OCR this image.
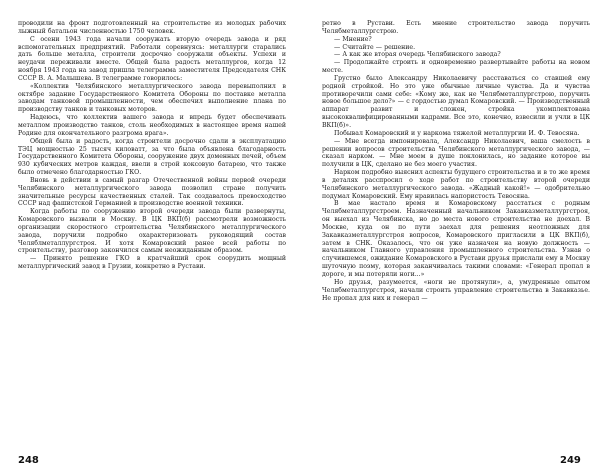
проводили на фронт подготовленный на строительстве из молодых рабочих лыжный батальон численностью 1750 человек.

С осени 1943 года начали сооружать вторую очередь завода и ряд вспомогательных предприятий. Работали соревнуясь: металлурги старались дать больше металла, строители досрочно сооружали объекты. Успехи и неудачи переживали вместе. Общей была радость металлургов, когда 12 ноября 1943 года на завод пришла телеграмма заместителя Председателя СНК СССР В. А. Малышева. В телеграмме говорилось:

«Коллектив Челябинского металлургического завода перевыполнил в октябре задание Государственного Комитета Обороны по поставке металла заводам танковой промышленности, чем обеспечил выполнение плана по производству танков и танковых моторов.

Надеюсь, что коллектив вашего завода и впредь будет обеспечивать металлом производство танков, столь необходимых в настоящее время нашей Родине для окончательного разгрома врага».

Общей была и радость, когда строители досрочно сдали в эксплуатацию ТЭЦ мощностью 25 тысяч киловатт, за что была объявлена благодарность Государственного Комитета Обороны, сооружение двух доменных печей, объем 930 кубических метров каждая, ввели в строй коксовую батарею, что также было отмечено благодарностью ГКО.

Вновь в действии в самый разгар Отечественной войны первой очереди Челябинского металлургического завода позволил стране получить значительные ресурсы качественных сталей. Так создавалось превосходство СССР над фашистской Германией в производстве военной техники.

Когда работы по сооружению второй очереди завода были развернуты, Комаровского вызвали в Москву. В ЦК ВКП(б) рассмотрели возможность организации скоростного строительства Челябинского металлургического завода, поручили подробно охарактеризовать руководящий состав Челяблметаллургстроя. И хотя Комаровский ранее всей работы по строительству, разговор закончился самым неожиданным образом.

— Принято решение ГКО в кратчайший срок соорудить мощный металлургический завод в Грузии, конкретно в Рустави.

ретно в Рустави. Есть мнение строительство завода поручить Челябметаллургстрою.

— Мнение?

— Считайте — решение.

— А как же вторая очередь Челябинского завода?

— Продолжайте строить и одновременно развертывайте работы на новом месте.

Грустно было Александру Николаевичу расставаться со ставшей ему родной стройкой. Но это уже обычные личные чувства. Да и чувства противоречили сами себе: «Кому же, как не Челябметаллургстрою, поручить новое большое дело?» — с гордостью думал Комаровский. — Производственный аппарат развит и сложен, стройка укомплектована высококвалифицированными кадрами. Все это, конечно, взвесили и учли в ЦК ВКП(б)».

Побывал Комаровский и у наркома тяжелой металлургии И. Ф. Тевосяна.

— Мне всегда импонировала, Александр Николаевич, ваша смелость в решении вопросов строительства Челябинского металлургического завода, — сказал нарком. — Мне моем в душе поклонилась, но задание которое вы получили в ЦК, сделано не без моего участия.

Нарком подробно выяснил аспекты будущего строительства и в то же время в деталях расспросил о ходе работ по строительству второй очереди Челябинского металлургического завода. «Жадный какой!» — одобрительно подумал Комаровский. Ему нравилась напористость Тевосяна.

В мае настало время и Комаровскому расстаться с родным Челябметаллургстроем. Назначенный начальником Закавказметаллургстроя, он выехал из Челябинска, но до места нового строительства не доехал. В Москве, куда он по пути заехал для решения неотложных для Закавказметаллургстроя вопросов, Комаровского пригласили в ЦК ВКП(б), затем в СНК. Оказалось, что он уже назначен на новую должность — начальником Главного управления промышленного строительства. Узнав о случившемся, ожидание Комаровского в Рустави друзья прислали ему в Москву шуточную поэму, которая заканчивалась такими словами: «Генерал пропал в дороге, и мы потеряли ноги...»

Но друзья, разумеется, «ноги не протянули», а, умудренные опытом Челябметаллургстроя, начали строить управление строительства в Закавказье. Не пропал для них и генерал —

248	249
